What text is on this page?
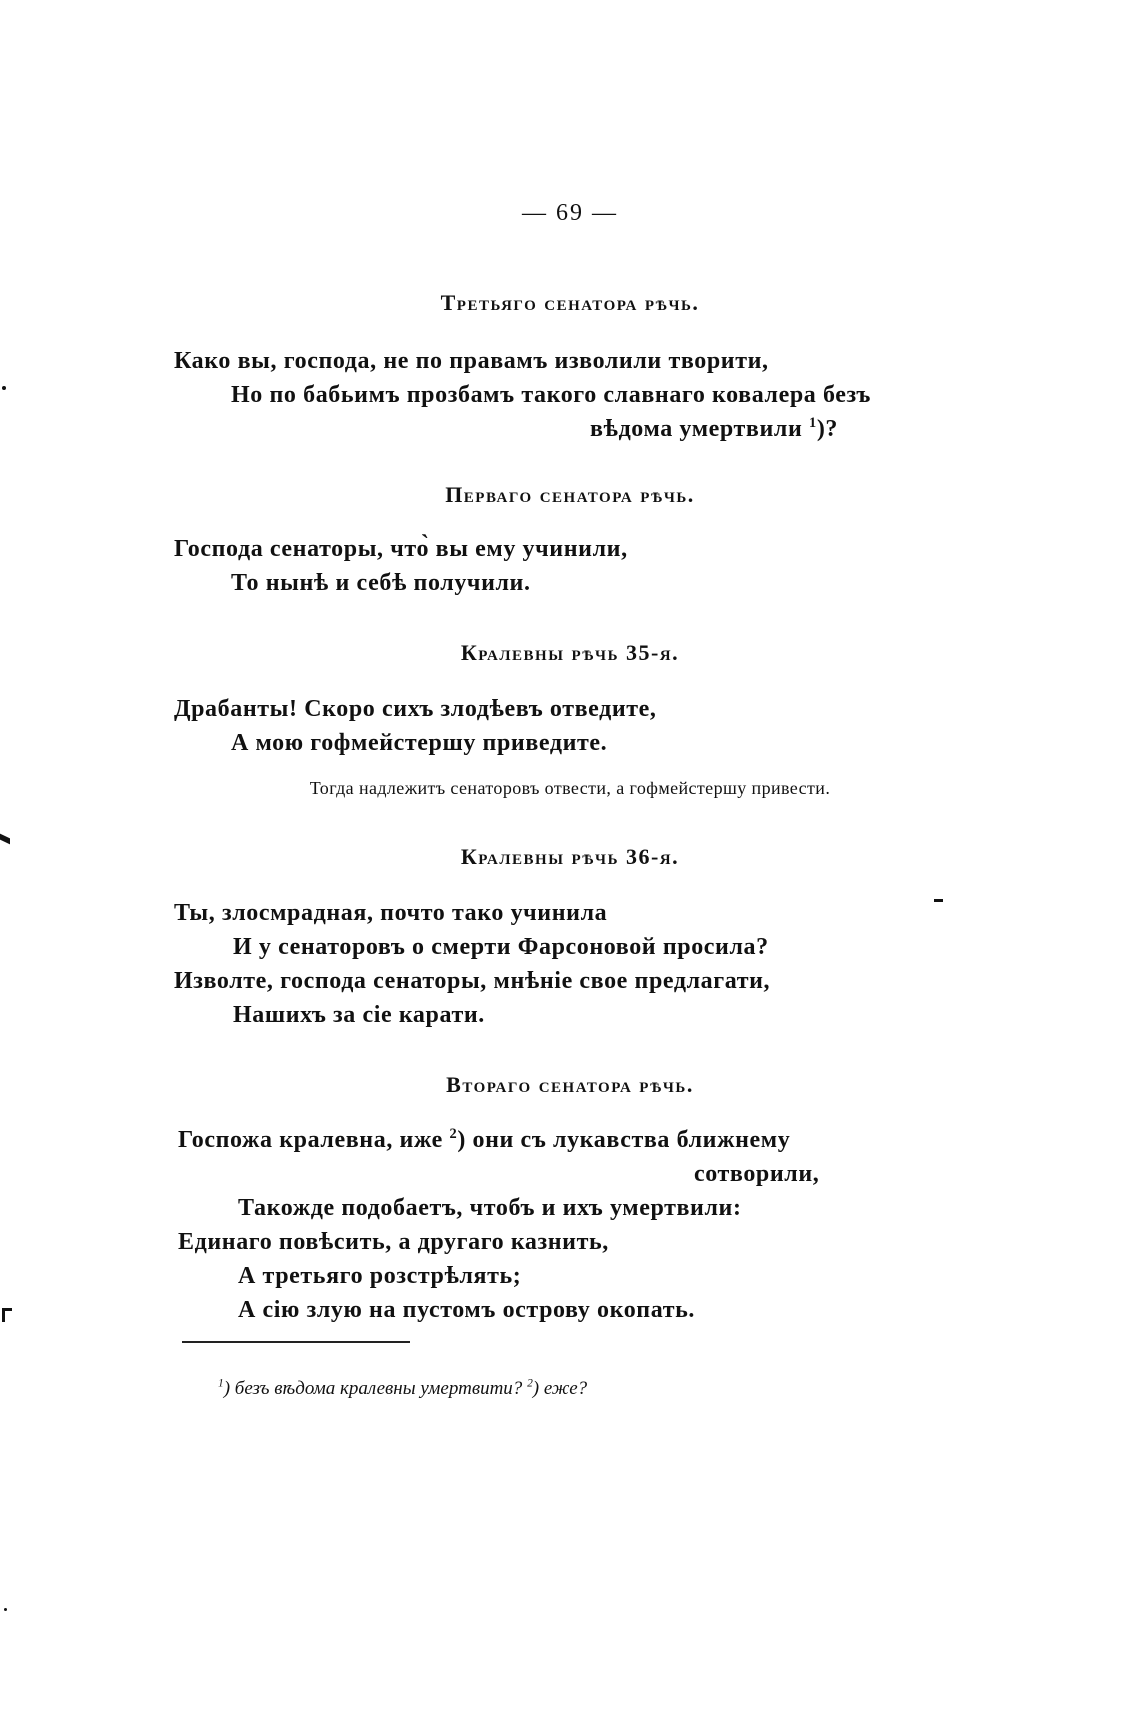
— 69 —
Третьяго сенатора рѣчь.
Како вы, господа, не по правамъ изволили творити,
Но по бабьимъ прозбамъ такого славнаго ковалера безъ
вѣдома умертвили $^1$)?
Перваго сенатора рѣчь.
Господа сенаторы, что̀ вы ему учинили,
То нынѣ и себѣ получили.
Кралевны рѣчь 35-я.
Драбанты! Скоро сихъ злодѣевъ отведите,
А мою гофмейстершу приведите.
Тогда надлежитъ сенаторовъ отвести, а гофмейстершу привести.
Кралевны рѣчь 36-я.
Ты, злосмрадная, почто тако учинила
И у сенаторовъ о смерти Фарсоновой просила?
Изволте, господа сенаторы, мнѣніе свое предлагати,
Нашихъ за сіе карати.
Втораго сенатора рѣчь.
Госпожа кралевна, иже $^2$) они съ лукавства ближнему
сотворили,
Такожде подобаетъ, чтобъ и ихъ умертвили:
Единаго повѣсить, а другаго казнить,
А третьяго розстрѣлять;
А сію злую на пустомъ острову окопать.
$^1$) безъ вѣдома кралевны умертвити? $^2$) еже?
